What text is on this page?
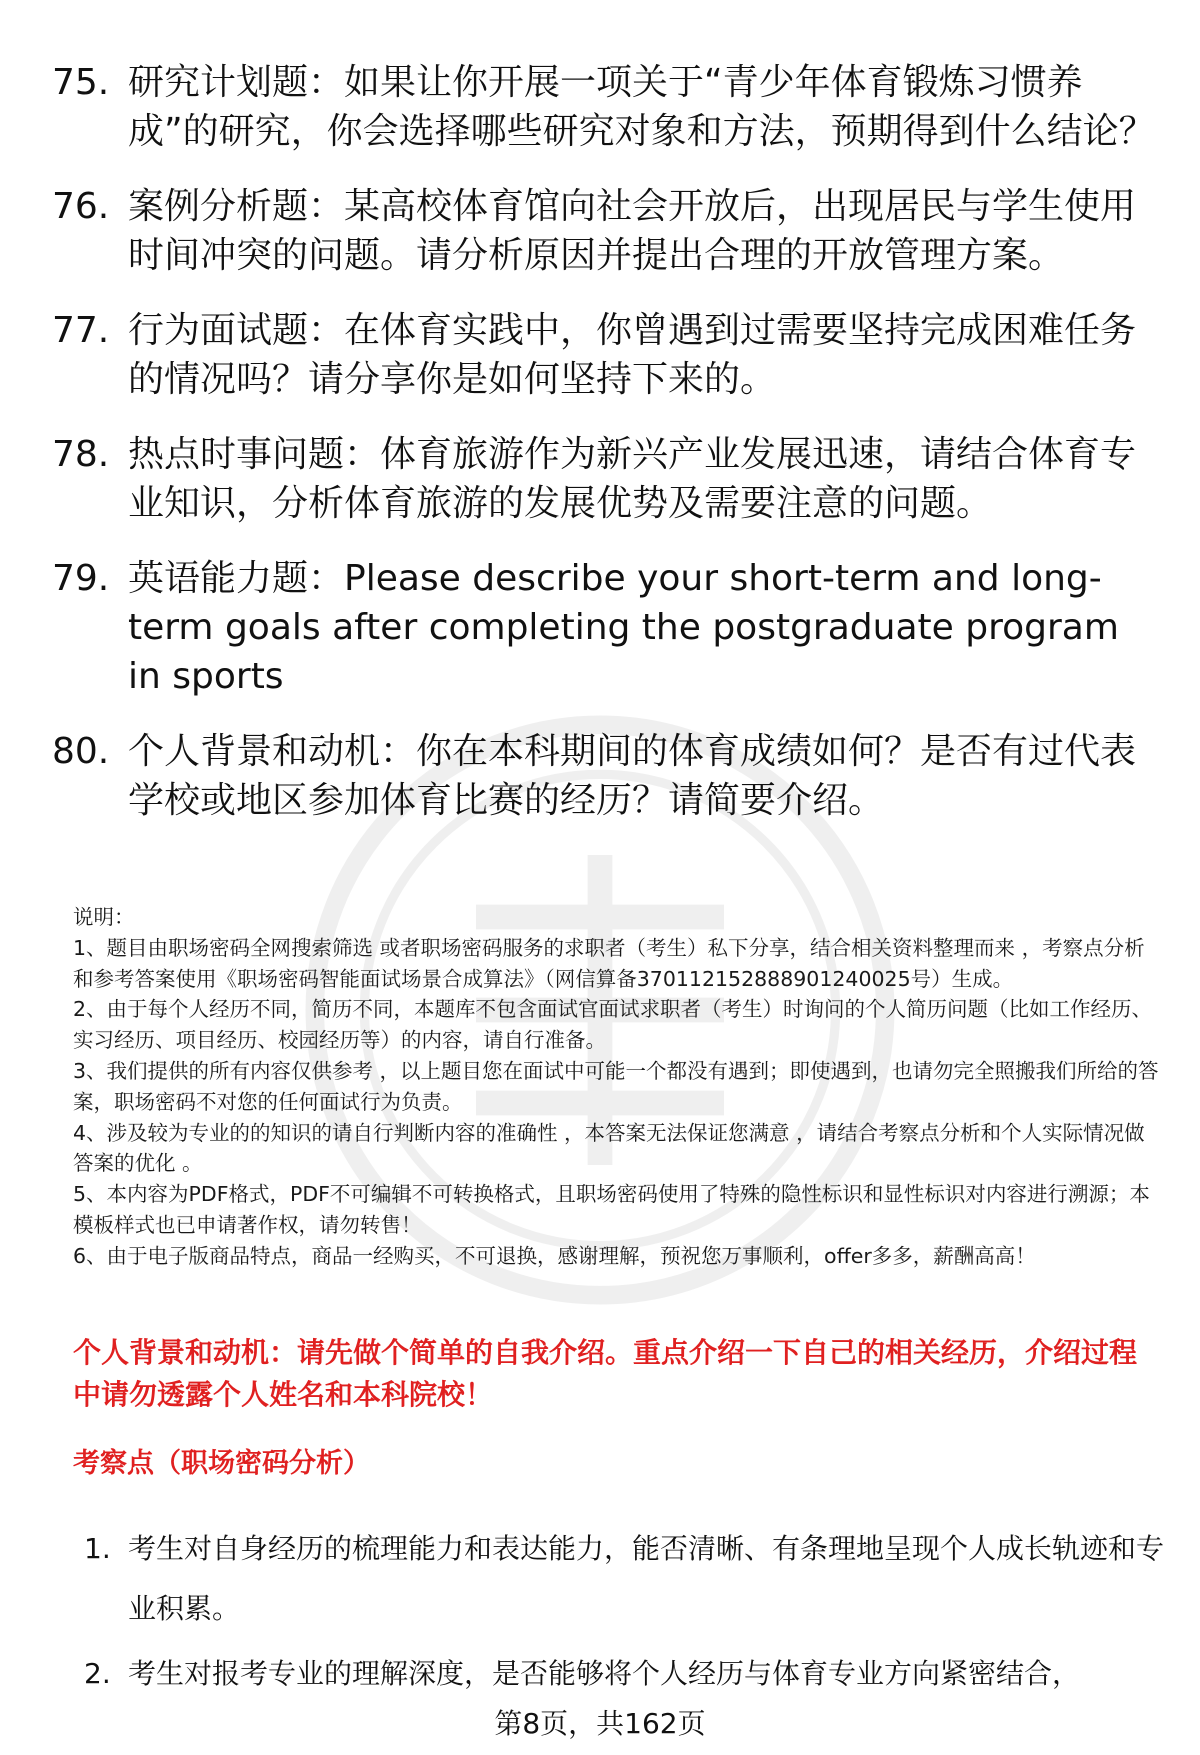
75. 研究计划题：如果让你开展一项关于“青少年体育锻炼习惯养成”的研究，你会选择哪些研究对象和方法，预期得到什么结论？
76. 案例分析题：某高校体育馆向社会开放后，出现居民与学生使用时间冲突的问题。请分析原因并提出合理的开放管理方案。
77. 行为面试题：在体育实践中，你曾遇到过需要坚持完成困难任务的情况吗？请分享你是如何坚持下来的。
78. 热点时事问题：体育旅游作为新兴产业发展迅速，请结合体育专业知识，分析体育旅游的发展优势及需要注意的问题。
79. 英语能力题：Please describe your short-term and long-term goals after completing the postgraduate program in sports
80. 个人背景和动机：你在本科期间的体育成绩如何？是否有过代表学校或地区参加体育比赛的经历？请简要介绍。

说明：

1、题目由职场密码全网搜索筛选 或者职场密码服务的求职者（考生）私下分享，结合相关资料整理而来 ，考察点分析和参考答案使用《职场密码智能面试场景合成算法》（网信算备370112152888901240025号）生成。

2、由于每个人经历不同，简历不同，本题库不包含面试官面试求职者（考生）时询问的个人简历问题（比如工作经历、实习经历、项目经历、校园经历等）的内容，请自行准备。

3、我们提供的所有内容仅供参考 ，以上题目您在面试中可能一个都没有遇到；即使遇到，也请勿完全照搬我们所给的答案，职场密码不对您的任何面试行为负责。

4、涉及较为专业的的知识的请自行判断内容的准确性 ，本答案无法保证您满意 ，请结合考察点分析和个人实际情况做答案的优化 。

5、本内容为PDF格式，PDF不可编辑不可转换格式，且职场密码使用了特殊的隐性标识和显性标识对内容进行溯源；本模板样式也已申请著作权，请勿转售！

6、由于电子版商品特点，商品一经购买，不可退换，感谢理解，预祝您万事顺利，offer多多，薪酬高高！

个人背景和动机：请先做个简单的自我介绍。重点介绍一下自己的相关经历，介绍过程中请勿透露个人姓名和本科院校！
考察点（职场密码分析）
1. 考生对自身经历的梳理能力和表达能力，能否清晰、有条理地呈现个人成长轨迹和专业积累。
2. 考生对报考专业的理解深度，是否能够将个人经历与体育专业方向紧密结合，
第8页，共162页
